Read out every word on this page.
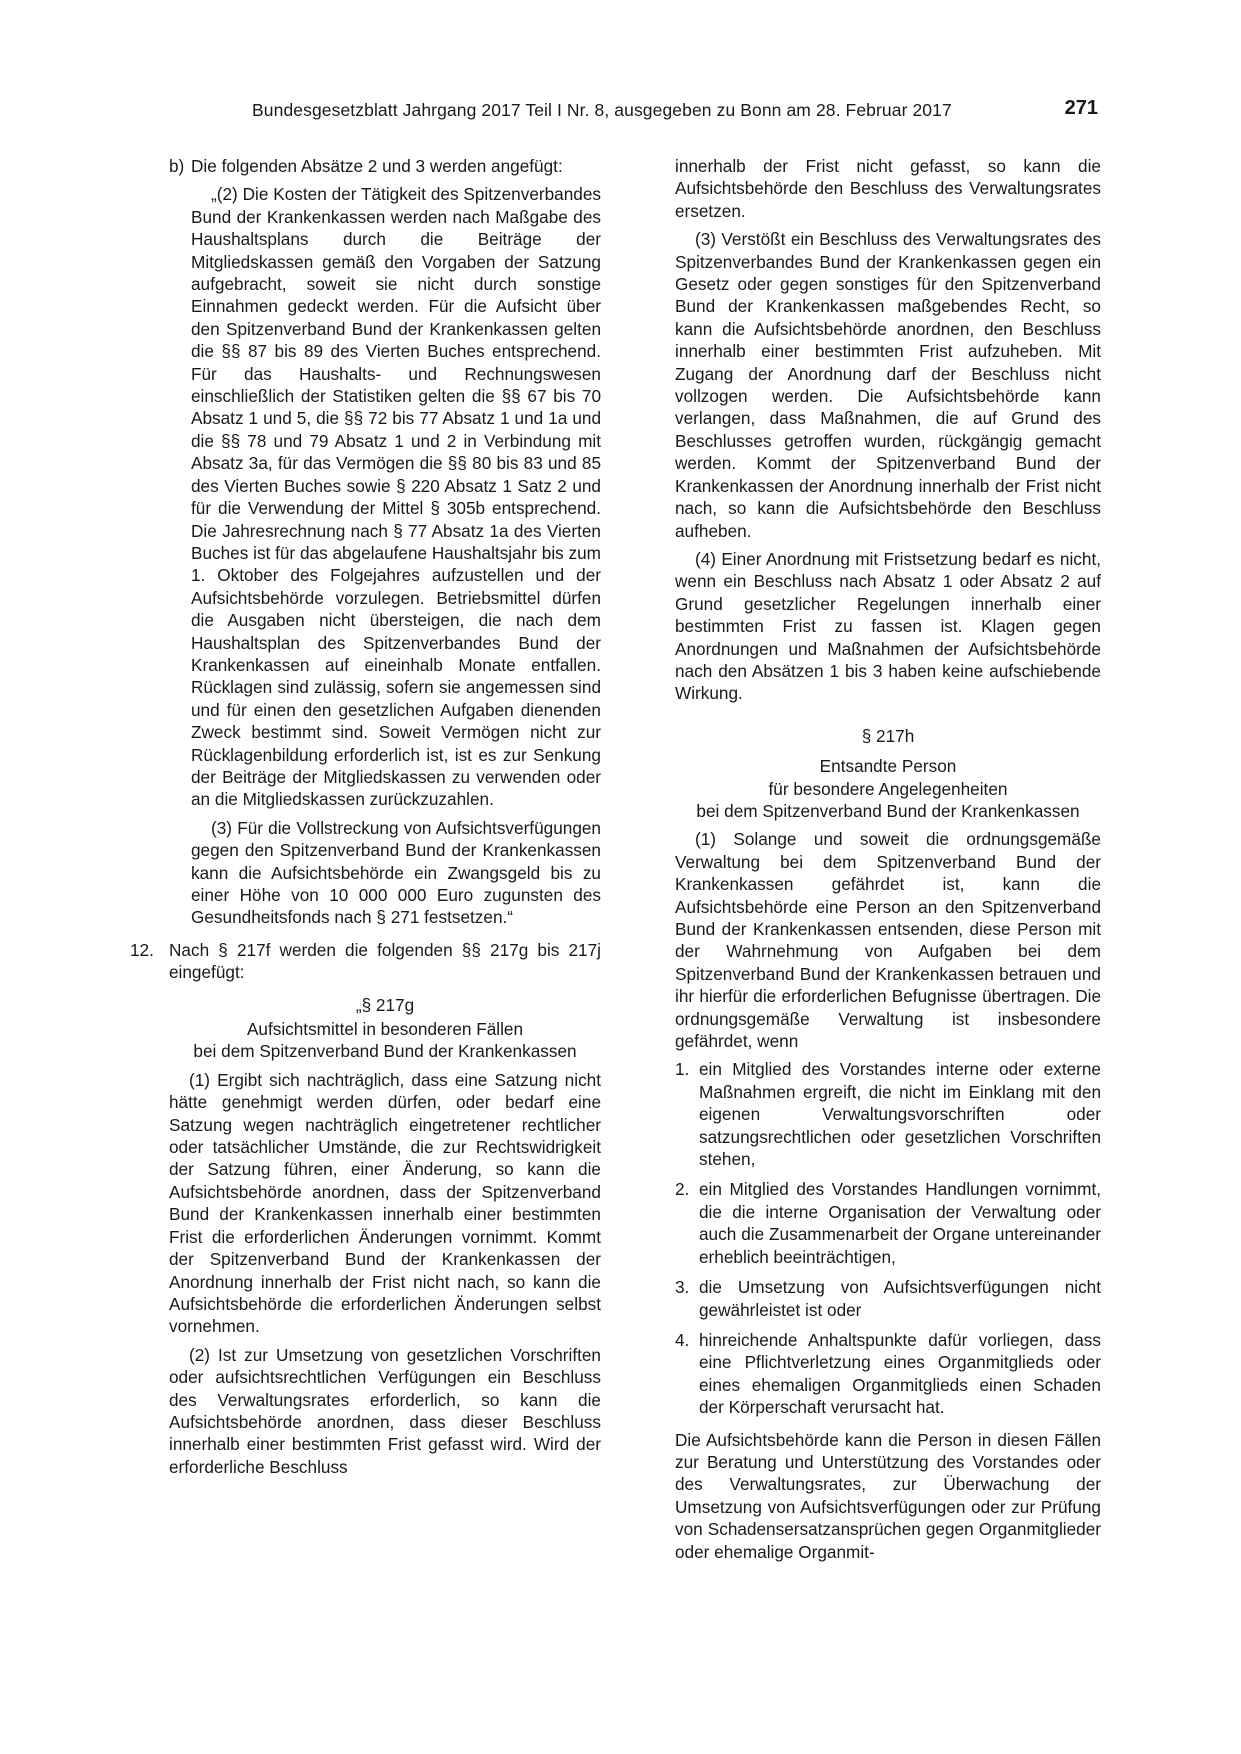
Bundesgesetzblatt Jahrgang 2017 Teil I Nr. 8, ausgegeben zu Bonn am 28. Februar 2017	271
b) Die folgenden Absätze 2 und 3 werden angefügt:

„(2) Die Kosten der Tätigkeit des Spitzenverbandes Bund der Krankenkassen werden nach Maßgabe des Haushaltsplans durch die Beiträge der Mitgliedskassen gemäß den Vorgaben der Satzung aufgebracht, soweit sie nicht durch sonstige Einnahmen gedeckt werden. Für die Aufsicht über den Spitzenverband Bund der Krankenkassen gelten die §§ 87 bis 89 des Vierten Buches entsprechend. Für das Haushalts- und Rechnungswesen einschließlich der Statistiken gelten die §§ 67 bis 70 Absatz 1 und 5, die §§ 72 bis 77 Absatz 1 und 1a und die §§ 78 und 79 Absatz 1 und 2 in Verbindung mit Absatz 3a, für das Vermögen die §§ 80 bis 83 und 85 des Vierten Buches sowie § 220 Absatz 1 Satz 2 und für die Verwendung der Mittel § 305b entsprechend. Die Jahresrechnung nach § 77 Absatz 1a des Vierten Buches ist für das abgelaufene Haushaltsjahr bis zum 1. Oktober des Folgejahres aufzustellen und der Aufsichtsbehörde vorzulegen. Betriebsmittel dürfen die Ausgaben nicht übersteigen, die nach dem Haushaltsplan des Spitzenverbandes Bund der Krankenkassen auf eineinhalb Monate entfallen. Rücklagen sind zulässig, sofern sie angemessen sind und für einen den gesetzlichen Aufgaben dienenden Zweck bestimmt sind. Soweit Vermögen nicht zur Rücklagenbildung erforderlich ist, ist es zur Senkung der Beiträge der Mitgliedskassen zu verwenden oder an die Mitgliedskassen zurückzuzahlen.

(3) Für die Vollstreckung von Aufsichtsverfügungen gegen den Spitzenverband Bund der Krankenkassen kann die Aufsichtsbehörde ein Zwangsgeld bis zu einer Höhe von 10 000 000 Euro zugunsten des Gesundheitsfonds nach § 271 festsetzen.“

12. Nach § 217f werden die folgenden §§ 217g bis 217j eingefügt:

„§ 217g

Aufsichtsmittel in besonderen Fällen

bei dem Spitzenverband Bund der Krankenkassen

(1) Ergibt sich nachträglich, dass eine Satzung nicht hätte genehmigt werden dürfen, oder bedarf eine Satzung wegen nachträglich eingetretener rechtlicher oder tatsächlicher Umstände, die zur Rechtswidrigkeit der Satzung führen, einer Änderung, so kann die Aufsichtsbehörde anordnen, dass der Spitzenverband Bund der Krankenkassen innerhalb einer bestimmten Frist die erforderlichen Änderungen vornimmt. Kommt der Spitzenverband Bund der Krankenkassen der Anordnung innerhalb der Frist nicht nach, so kann die Aufsichtsbehörde die erforderlichen Änderungen selbst vornehmen.

(2) Ist zur Umsetzung von gesetzlichen Vorschriften oder aufsichtsrechtlichen Verfügungen ein Beschluss des Verwaltungsrates erforderlich, so kann die Aufsichtsbehörde anordnen, dass dieser Beschluss innerhalb einer bestimmten Frist gefasst wird. Wird der erforderliche Beschluss

innerhalb der Frist nicht gefasst, so kann die Aufsichtsbehörde den Beschluss des Verwaltungsrates ersetzen.

(3) Verstößt ein Beschluss des Verwaltungsrates des Spitzenverbandes Bund der Krankenkassen gegen ein Gesetz oder gegen sonstiges für den Spitzenverband Bund der Krankenkassen maßgebendes Recht, so kann die Aufsichtsbehörde anordnen, den Beschluss innerhalb einer bestimmten Frist aufzuheben. Mit Zugang der Anordnung darf der Beschluss nicht vollzogen werden. Die Aufsichtsbehörde kann verlangen, dass Maßnahmen, die auf Grund des Beschlusses getroffen wurden, rückgängig gemacht werden. Kommt der Spitzenverband Bund der Krankenkassen der Anordnung innerhalb der Frist nicht nach, so kann die Aufsichtsbehörde den Beschluss aufheben.

(4) Einer Anordnung mit Fristsetzung bedarf es nicht, wenn ein Beschluss nach Absatz 1 oder Absatz 2 auf Grund gesetzlicher Regelungen innerhalb einer bestimmten Frist zu fassen ist. Klagen gegen Anordnungen und Maßnahmen der Aufsichtsbehörde nach den Absätzen 1 bis 3 haben keine aufschiebende Wirkung.

§ 217h

Entsandte Person

für besondere Angelegenheiten

bei dem Spitzenverband Bund der Krankenkassen

(1) Solange und soweit die ordnungsgemäße Verwaltung bei dem Spitzenverband Bund der Krankenkassen gefährdet ist, kann die Aufsichtsbehörde eine Person an den Spitzenverband Bund der Krankenkassen entsenden, diese Person mit der Wahrnehmung von Aufgaben bei dem Spitzenverband Bund der Krankenkassen betrauen und ihr hierfür die erforderlichen Befugnisse übertragen. Die ordnungsgemäße Verwaltung ist insbesondere gefährdet, wenn

1. ein Mitglied des Vorstandes interne oder externe Maßnahmen ergreift, die nicht im Einklang mit den eigenen Verwaltungsvorschriften oder satzungsrechtlichen oder gesetzlichen Vorschriften stehen,
2. ein Mitglied des Vorstandes Handlungen vornimmt, die die interne Organisation der Verwaltung oder auch die Zusammenarbeit der Organe untereinander erheblich beeinträchtigen,
3. die Umsetzung von Aufsichtsverfügungen nicht gewährleistet ist oder
4. hinreichende Anhaltspunkte dafür vorliegen, dass eine Pflichtverletzung eines Organmitglieds oder eines ehemaligen Organmitglieds einen Schaden der Körperschaft verursacht hat.

Die Aufsichtsbehörde kann die Person in diesen Fällen zur Beratung und Unterstützung des Vorstandes oder des Verwaltungsrates, zur Überwachung der Umsetzung von Aufsichtsverfügungen oder zur Prüfung von Schadensersatzansprüchen gegen Organmitglieder oder ehemalige Organmit-
